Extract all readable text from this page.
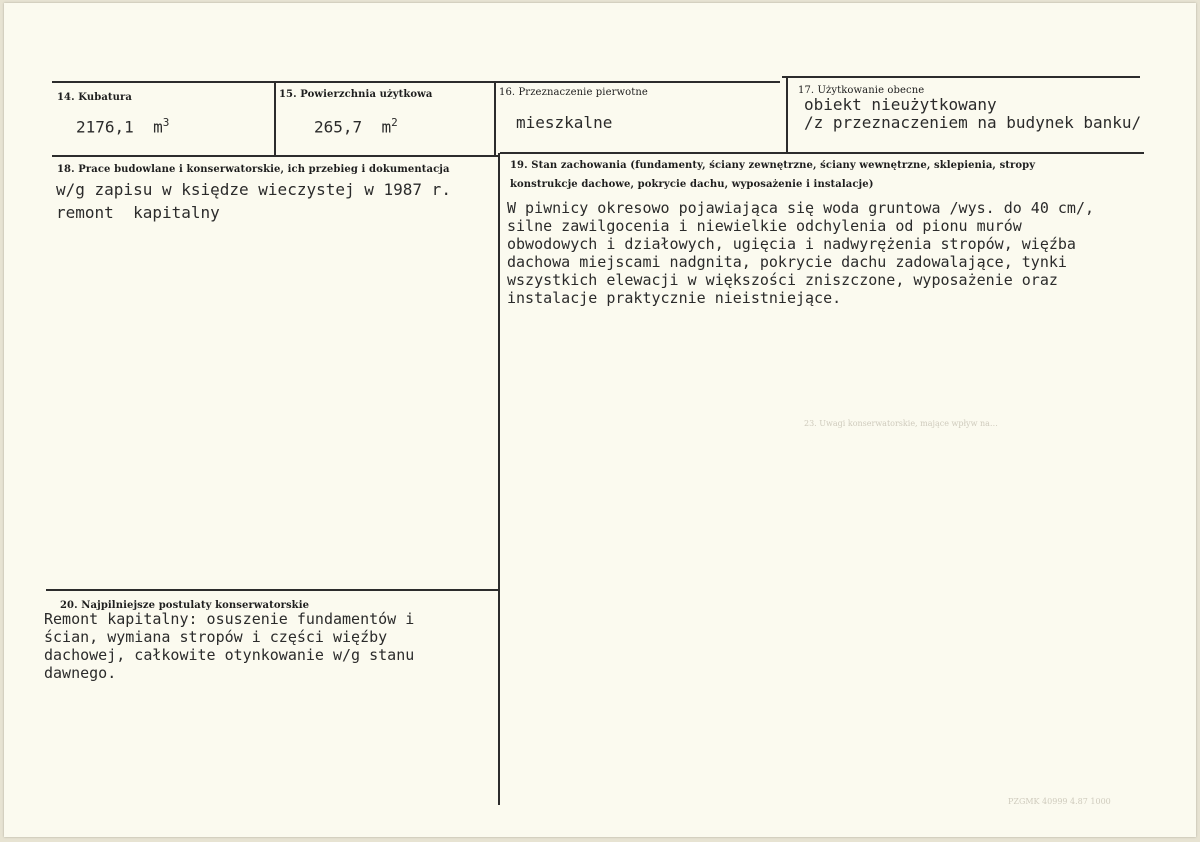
14. Kubatura
2176,1 $m^3$
15. Powierzchnia użytkowa
265,7 $m^2$
16. Przeznaczenie pierwotne
mieszkalne
17. Użytkowanie obecne
obiekt nieużytkowany
/z przeznaczeniem na budynek banku/
18. Prace budowlane i konserwatorskie, ich przebieg i dokumentacja
w/g zapisu w księdze wieczystej w 1987 r.
remont  kapitalny
19. Stan zachowania (fundamenty, ściany zewnętrzne, ściany wewnętrzne, sklepienia, stropy
konstrukcje dachowe, pokrycie dachu, wyposażenie i instalacje)
W piwnicy okresowo pojawiająca się woda gruntowa /wys. do 40 cm/,
silne zawilgocenia i niewielkie odchylenia od pionu murów
obwodowych i działowych, ugięcia i nadwyrężenia stropów, więźba
dachowa miejscami nadgnita, pokrycie dachu zadowalające, tynki
wszystkich elewacji w większości zniszczone, wyposażenie oraz
instalacje praktycznie nieistniejące.
23. Uwagi konserwatorskie, mające wpływ na…
PZGMK 40999 4.87 1000
20. Najpilniejsze postulaty konserwatorskie
Remont kapitalny: osuszenie fundamentów i
ścian, wymiana stropów i części więźby
dachowej, całkowite otynkowanie w/g stanu
dawnego.
